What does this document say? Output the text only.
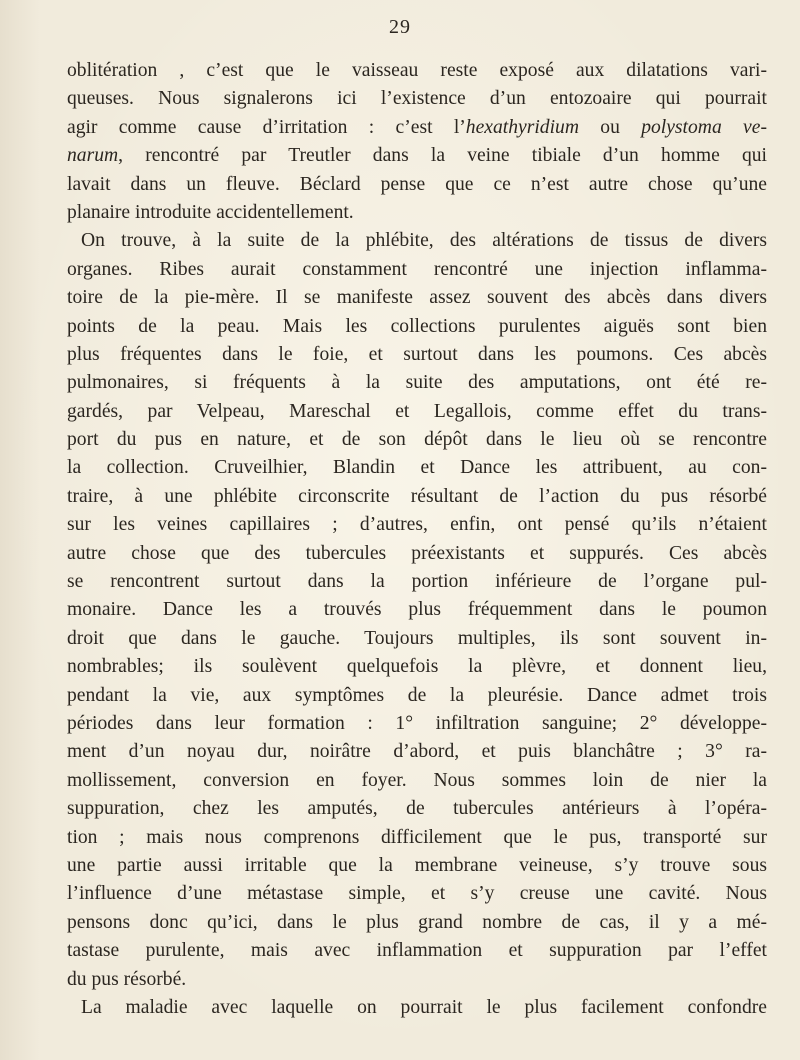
29
oblitération , c’est que le vaisseau reste exposé aux dilatations vari-
queuses. Nous signalerons ici l’existence d’un entozoaire qui pourrait
agir comme cause d’irritation : c’est l’hexathyridium ou polystoma ve-
narum, rencontré par Treutler dans la veine tibiale d’un homme qui
lavait dans un fleuve. Béclard pense que ce n’est autre chose qu’une
planaire introduite accidentellement.
On trouve, à la suite de la phlébite, des altérations de tissus de divers
organes. Ribes aurait constamment rencontré une injection inflamma-
toire de la pie-mère. Il se manifeste assez souvent des abcès dans divers
points de la peau. Mais les collections purulentes aiguës sont bien
plus fréquentes dans le foie, et surtout dans les poumons. Ces abcès
pulmonaires, si fréquents à la suite des amputations, ont été re-
gardés, par Velpeau, Mareschal et Legallois, comme effet du trans-
port du pus en nature, et de son dépôt dans le lieu où se rencontre
la collection. Cruveilhier, Blandin et Dance les attribuent, au con-
traire, à une phlébite circonscrite résultant de l’action du pus résorbé
sur les veines capillaires ; d’autres, enfin, ont pensé qu’ils n’étaient
autre chose que des tubercules préexistants et suppurés. Ces abcès
se rencontrent surtout dans la portion inférieure de l’organe pul-
monaire. Dance les a trouvés plus fréquemment dans le poumon
droit que dans le gauche. Toujours multiples, ils sont souvent in-
nombrables; ils soulèvent quelquefois la plèvre, et donnent lieu,
pendant la vie, aux symptômes de la pleurésie. Dance admet trois
périodes dans leur formation : 1° infiltration sanguine; 2° développe-
ment d’un noyau dur, noirâtre d’abord, et puis blanchâtre ; 3° ra-
mollissement, conversion en foyer. Nous sommes loin de nier la
suppuration, chez les amputés, de tubercules antérieurs à l’opéra-
tion ; mais nous comprenons difficilement que le pus, transporté sur
une partie aussi irritable que la membrane veineuse, s’y trouve sous
l’influence d’une métastase simple, et s’y creuse une cavité. Nous
pensons donc qu’ici, dans le plus grand nombre de cas, il y a mé-
tastase purulente, mais avec inflammation et suppuration par l’effet
du pus résorbé.
La maladie avec laquelle on pourrait le plus facilement confondre
